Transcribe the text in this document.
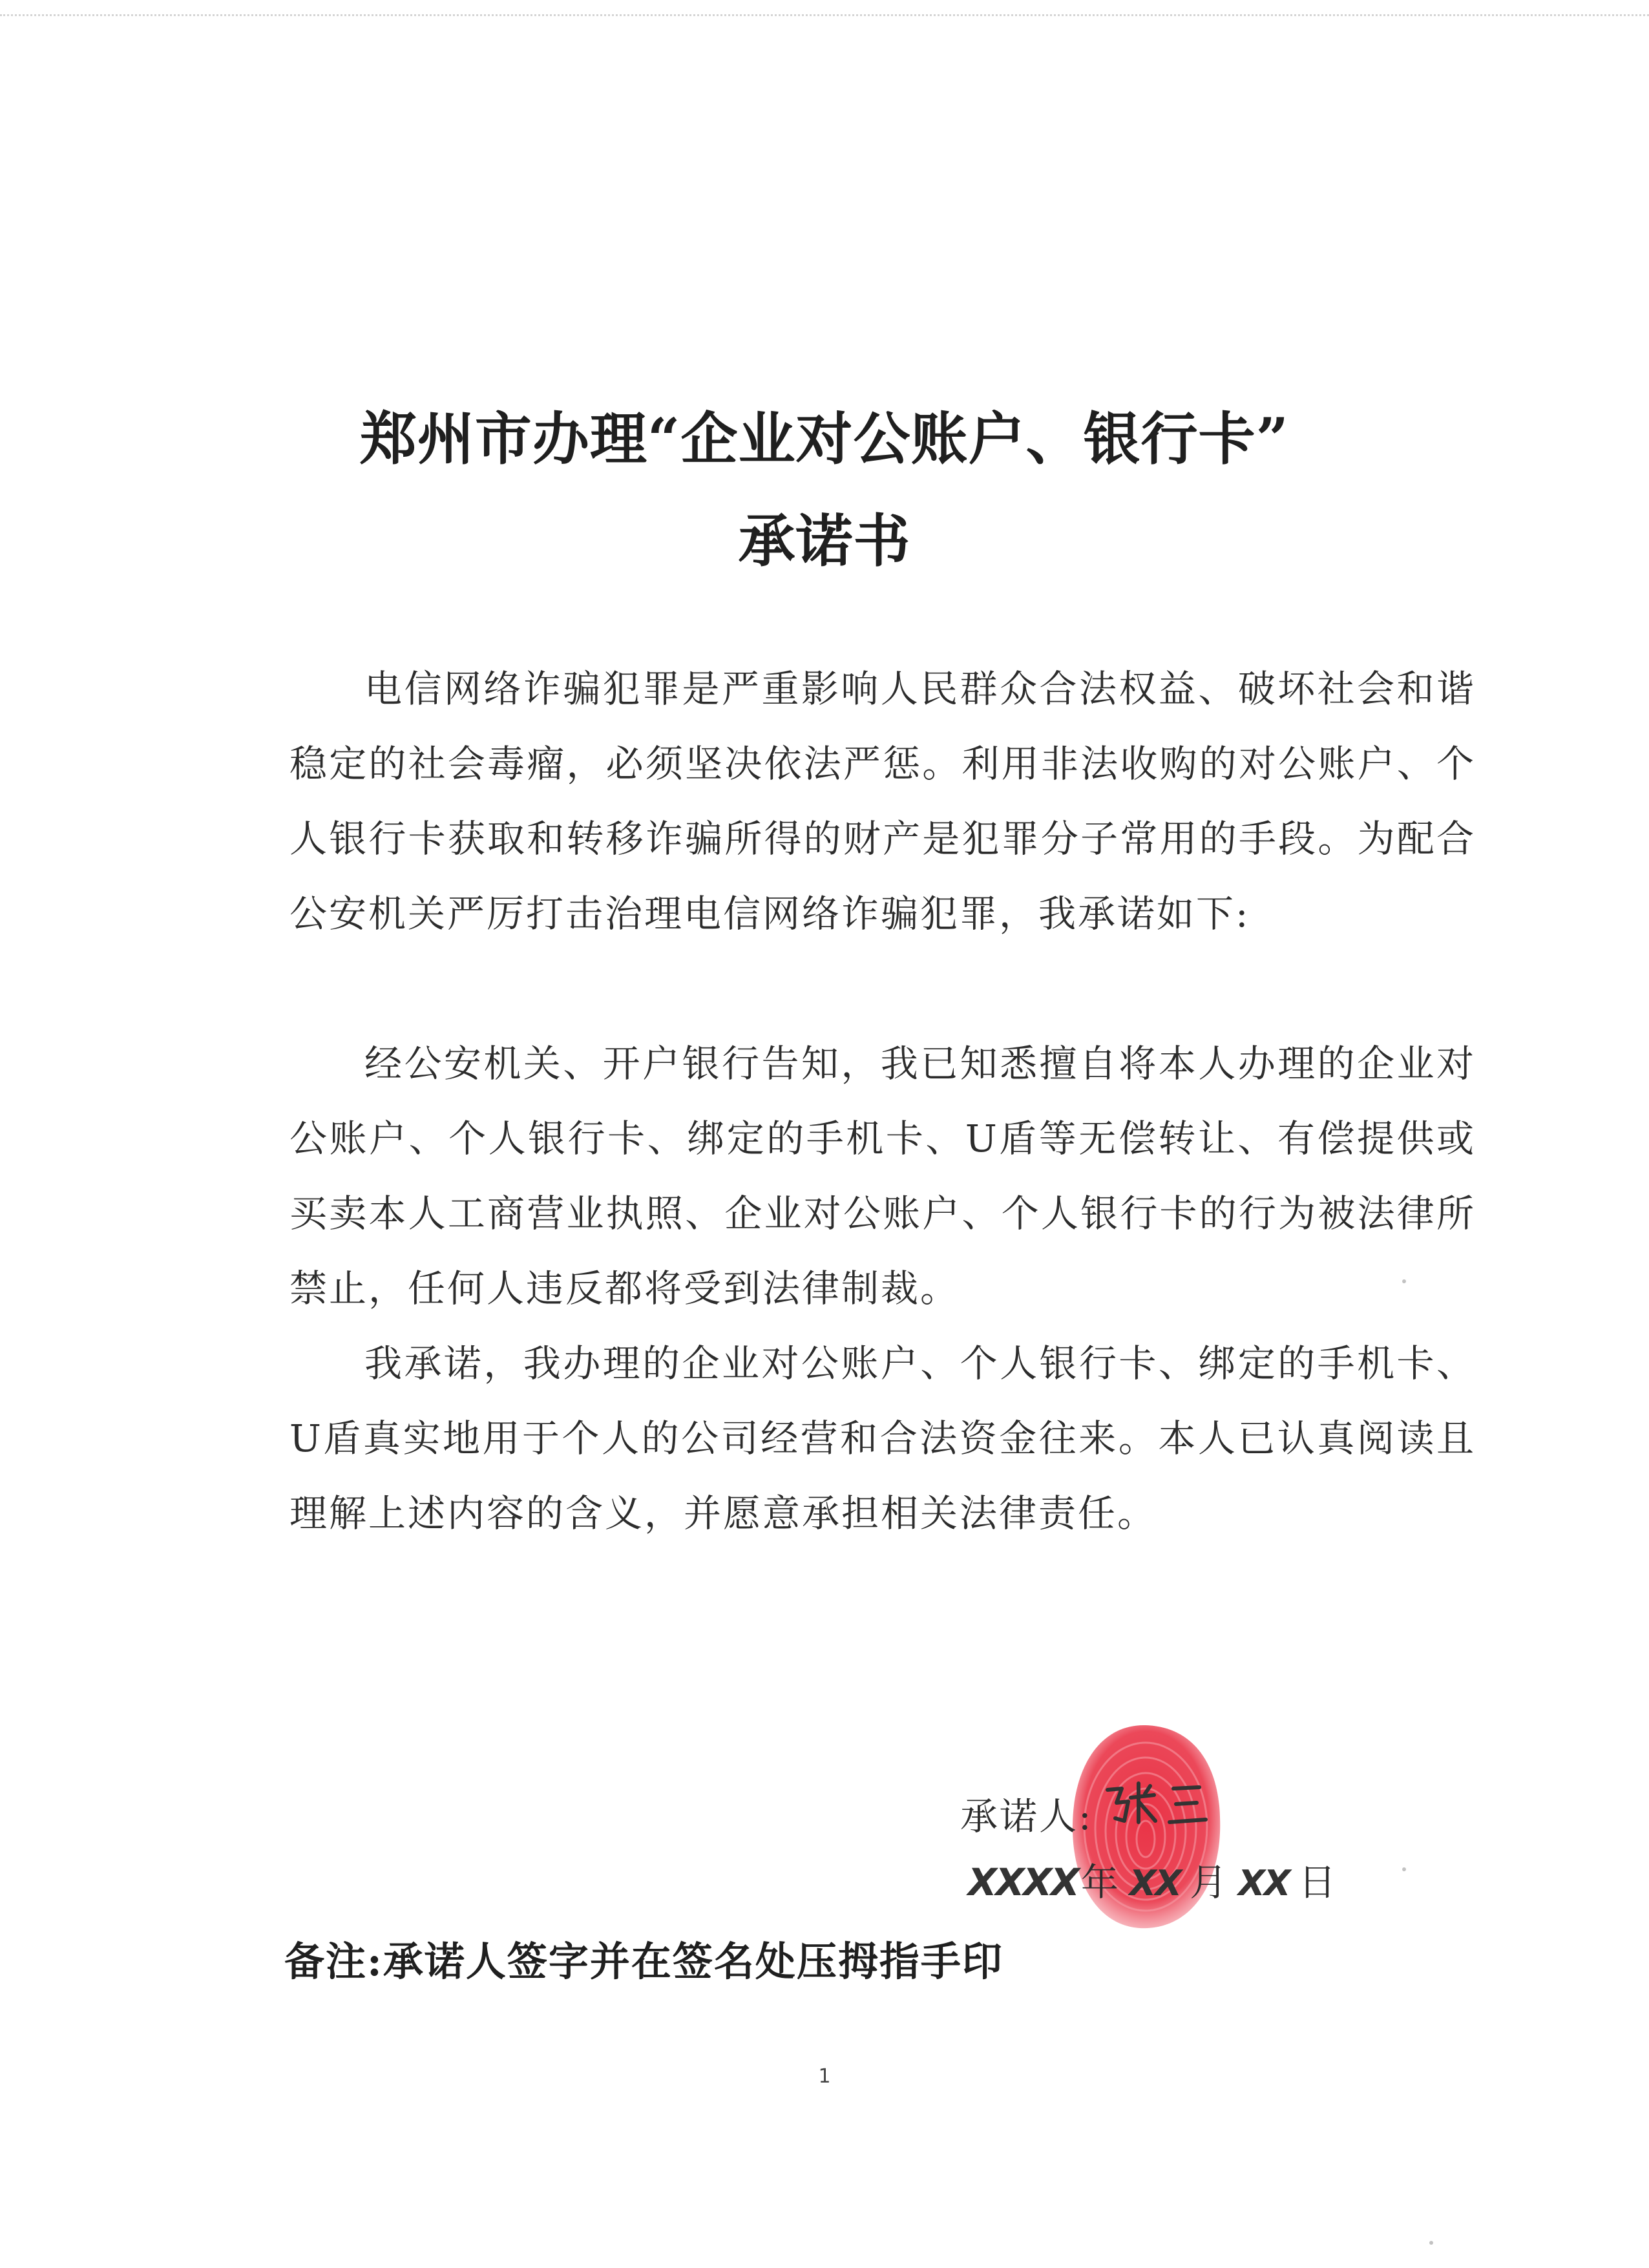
郑州市办理“企业对公账户、银行卡”
承诺书

电信网络诈骗犯罪是严重影响人民群众合法权益、破坏社会和谐稳定的社会毒瘤，必须坚决依法严惩。利用非法收购的对公账户、个人银行卡获取和转移诈骗所得的财产是犯罪分子常用的手段。为配合公安机关严厉打击治理电信网络诈骗犯罪，我承诺如下:

经公安机关、开户银行告知，我已知悉擅自将本人办理的企业对公账户、个人银行卡、绑定的手机卡、U盾等无偿转让、有偿提供或买卖本人工商营业执照、企业对公账户、个人银行卡的行为被法律所禁止，任何人违反都将受到法律制裁。

我承诺，我办理的企业对公账户、个人银行卡、绑定的手机卡、U盾真实地用于个人的公司经营和合法资金往来。本人已认真阅读且理解上述内容的含义，并愿意承担相关法律责任。

承诺人:
XXXX年 XX 月 XX 日
备注:承诺人签字并在签名处压拇指手印
1
